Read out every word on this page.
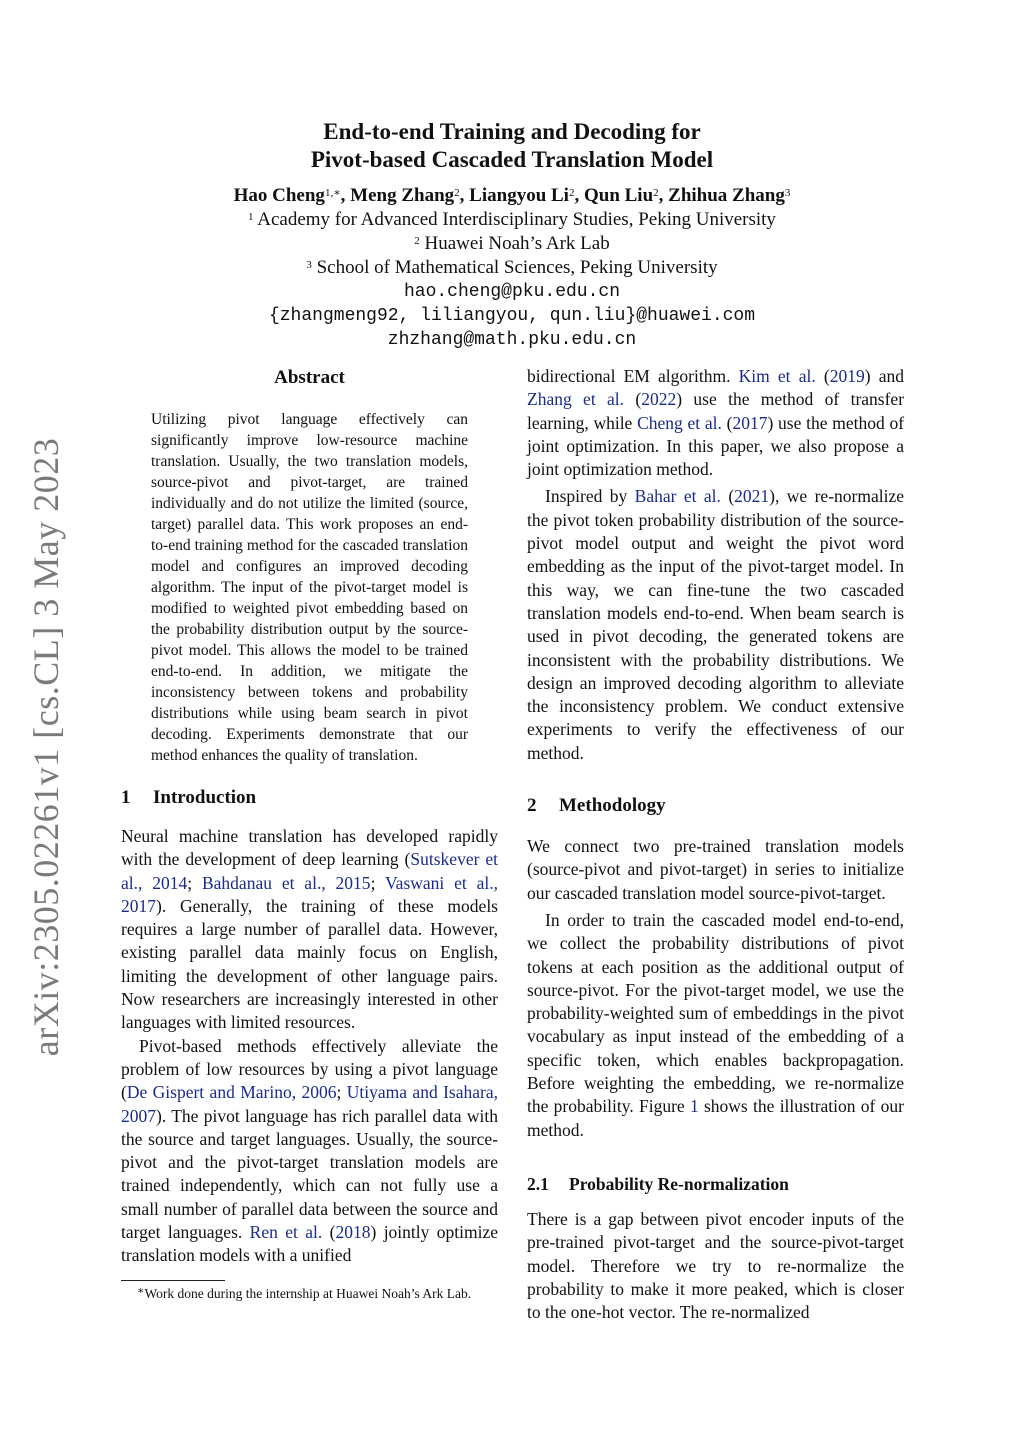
arXiv:2305.02261v1 [cs.CL] 3 May 2023
End-to-end Training and Decoding for
Pivot-based Cascaded Translation Model
Hao Cheng$^{1,∗}$, Meng Zhang$^2$, Liangyou Li$^2$, Qun Liu$^2$, Zhihua Zhang$^3$
$^1$ Academy for Advanced Interdisciplinary Studies, Peking University
$^2$ Huawei Noah’s Ark Lab
$^3$ School of Mathematical Sciences, Peking University
hao.cheng@pku.edu.cn
{zhangmeng92, liliangyou, qun.liu}@huawei.com
zhzhang@math.pku.edu.cn
Abstract
Utilizing pivot language effectively can significantly improve low-resource machine translation. Usually, the two translation models, source-pivot and pivot-target, are trained individually and do not utilize the limited (source, target) parallel data. This work proposes an end-to-end training method for the cascaded translation model and configures an improved decoding algorithm. The input of the pivot-target model is modified to weighted pivot embedding based on the probability distribution output by the source-pivot model. This allows the model to be trained end-to-end. In addition, we mitigate the inconsistency between tokens and probability distributions while using beam search in pivot decoding. Experiments demonstrate that our method enhances the quality of translation.
1 Introduction

Neural machine translation has developed rapidly with the development of deep learning (Sutskever et al., 2014; Bahdanau et al., 2015; Vaswani et al., 2017). Generally, the training of these models requires a large number of parallel data. However, existing parallel data mainly focus on English, limiting the development of other language pairs. Now researchers are increasingly interested in other languages with limited resources.

Pivot-based methods effectively alleviate the problem of low resources by using a pivot language (De Gispert and Marino, 2006; Utiyama and Isahara, 2007). The pivot language has rich parallel data with the source and target languages. Usually, the source-pivot and the pivot-target translation models are trained independently, which can not fully use a small number of parallel data between the source and target languages. Ren et al. (2018) jointly optimize translation models with a unified

∗Work done during the internship at Huawei Noah’s Ark Lab.

bidirectional EM algorithm. Kim et al. (2019) and Zhang et al. (2022) use the method of transfer learning, while Cheng et al. (2017) use the method of joint optimization. In this paper, we also propose a joint optimization method.

Inspired by Bahar et al. (2021), we re-normalize the pivot token probability distribution of the source-pivot model output and weight the pivot word embedding as the input of the pivot-target model. In this way, we can fine-tune the two cascaded translation models end-to-end. When beam search is used in pivot decoding, the generated tokens are inconsistent with the probability distributions. We design an improved decoding algorithm to alleviate the inconsistency problem. We conduct extensive experiments to verify the effectiveness of our method.

2 Methodology

We connect two pre-trained translation models (source-pivot and pivot-target) in series to initialize our cascaded translation model source-pivot-target.

In order to train the cascaded model end-to-end, we collect the probability distributions of pivot tokens at each position as the additional output of source-pivot. For the pivot-target model, we use the probability-weighted sum of embeddings in the pivot vocabulary as input instead of the embedding of a specific token, which enables backpropagation. Before weighting the embedding, we re-normalize the probability. Figure 1 shows the illustration of our method.

2.1 Probability Re-normalization

There is a gap between pivot encoder inputs of the pre-trained pivot-target and the source-pivot-target model. Therefore we try to re-normalize the probability to make it more peaked, which is closer to the one-hot vector. The re-normalized
